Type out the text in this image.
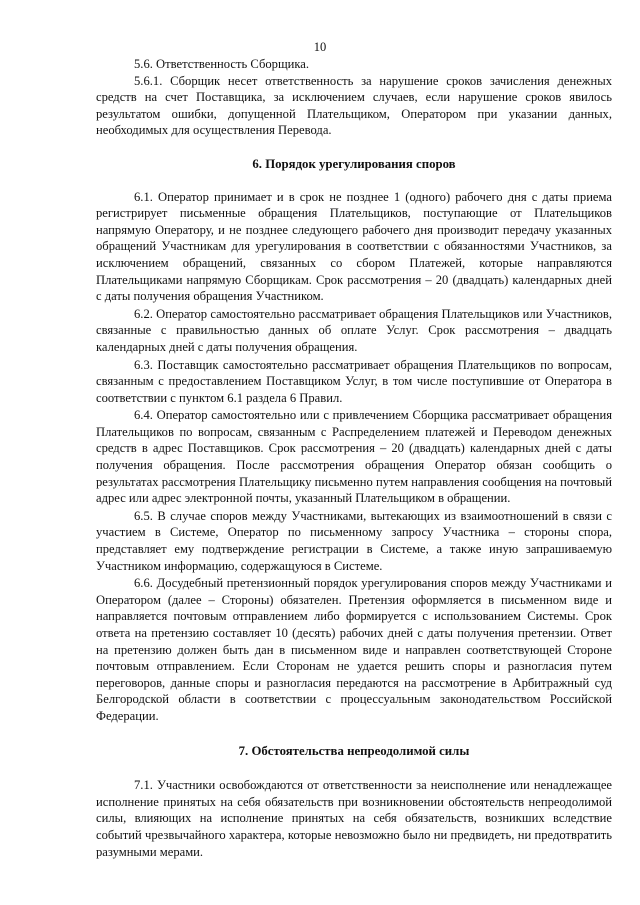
10

5.6. Ответственность Сборщика.

5.6.1. Сборщик несет ответственность за нарушение сроков зачисления денежных средств на счет Поставщика, за исключением случаев, если нарушение сроков явилось результатом ошибки, допущенной Плательщиком, Оператором при указании данных, необходимых для осуществления Перевода.

6. Порядок урегулирования споров

6.1. Оператор принимает и в срок не позднее 1 (одного) рабочего дня с даты приема регистрирует письменные обращения Плательщиков, поступающие от Плательщиков напрямую Оператору, и не позднее следующего рабочего дня производит передачу указанных обращений Участникам для урегулирования в соответствии с обязанностями Участников, за исключением обращений, связанных со сбором Платежей, которые направляются Плательщиками напрямую Сборщикам. Срок рассмотрения – 20 (двадцать) календарных дней с даты получения обращения Участником.

6.2. Оператор самостоятельно рассматривает обращения Плательщиков или Участников, связанные с правильностью данных об оплате Услуг. Срок рассмотрения – двадцать календарных дней с даты получения обращения.

6.3. Поставщик самостоятельно рассматривает обращения Плательщиков по вопросам, связанным с предоставлением Поставщиком Услуг, в том числе поступившие от Оператора в соответствии с пунктом 6.1 раздела 6 Правил.

6.4. Оператор самостоятельно или с привлечением Сборщика рассматривает обращения Плательщиков по вопросам, связанным с Распределением платежей и Переводом денежных средств в адрес Поставщиков. Срок рассмотрения – 20 (двадцать) календарных дней с даты получения обращения. После рассмотрения обращения Оператор обязан сообщить о результатах рассмотрения Плательщику письменно путем направления сообщения на почтовый адрес или адрес электронной почты, указанный Плательщиком в обращении.

6.5. В случае споров между Участниками, вытекающих из взаимоотношений в связи с участием в Системе, Оператор по письменному запросу Участника – стороны спора, представляет ему подтверждение регистрации в Системе, а также иную запрашиваемую Участником информацию, содержащуюся в Системе.

6.6. Досудебный претензионный порядок урегулирования споров между Участниками и Оператором (далее – Стороны) обязателен. Претензия оформляется в письменном виде и направляется почтовым отправлением либо формируется с использованием Системы. Срок ответа на претензию составляет 10 (десять) рабочих дней с даты получения претензии. Ответ на претензию должен быть дан в письменном виде и направлен соответствующей Стороне почтовым отправлением. Если Сторонам не удается решить споры и разногласия путем переговоров, данные споры и разногласия передаются на рассмотрение в Арбитражный суд Белгородской области в соответствии с процессуальным законодательством Российской Федерации.

7. Обстоятельства непреодолимой силы

7.1. Участники освобождаются от ответственности за неисполнение или ненадлежащее исполнение принятых на себя обязательств при возникновении обстоятельств непреодолимой силы, влияющих на исполнение принятых на себя обязательств, возникших вследствие событий чрезвычайного характера, которые невозможно было ни предвидеть, ни предотвратить разумными мерами.
